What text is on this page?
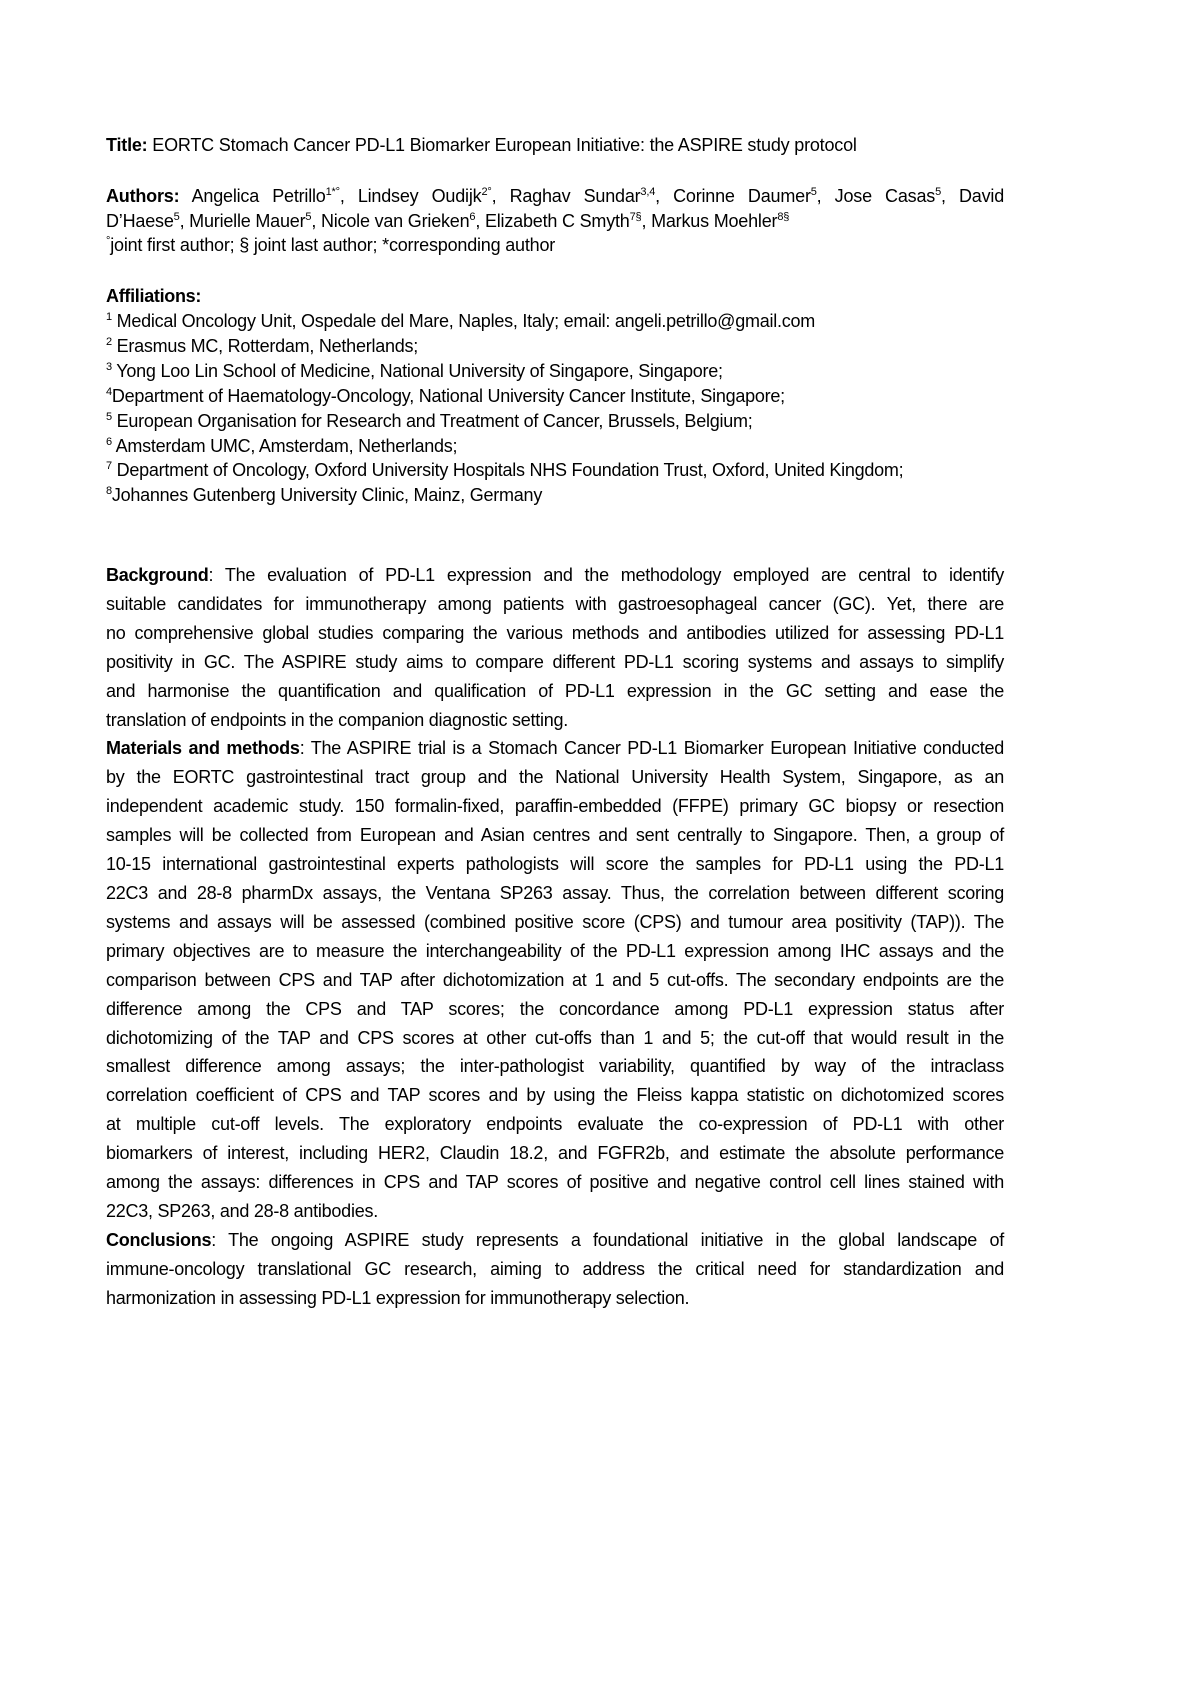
Title: EORTC Stomach Cancer PD-L1 Biomarker European Initiative: the ASPIRE study protocol
Authors: Angelica Petrillo$^{1*^\circ}$, Lindsey Oudijk$^{2^\circ}$, Raghav Sundar$^{3,4}$, Corinne Daumer$^5$, Jose Casas$^5$, David
D’Haese$^5$, Murielle Mauer$^5$, Nicole van Grieken$^6$, Elizabeth C Smyth$^{7\S}$, Markus Moehler$^{8\S}$
°joint first author; § joint last author; *corresponding author
Affiliations:
$^1$ Medical Oncology Unit, Ospedale del Mare, Naples, Italy; email: angeli.petrillo@gmail.com
$^2$ Erasmus MC, Rotterdam, Netherlands;
$^3$ Yong Loo Lin School of Medicine, National University of Singapore, Singapore;
$^4$Department of Haematology-Oncology, National University Cancer Institute, Singapore;
$^5$ European Organisation for Research and Treatment of Cancer, Brussels, Belgium;
$^6$ Amsterdam UMC, Amsterdam, Netherlands;
$^7$ Department of Oncology, Oxford University Hospitals NHS Foundation Trust, Oxford, United Kingdom;
$^8$Johannes Gutenberg University Clinic, Mainz, Germany

Background: The evaluation of PD-L1 expression and the methodology employed are central to identify
suitable candidates for immunotherapy among patients with gastroesophageal cancer (GC). Yet, there are
no comprehensive global studies comparing the various methods and antibodies utilized for assessing PD-L1
positivity in GC. The ASPIRE study aims to compare different PD-L1 scoring systems and assays to simplify
and harmonise the quantification and qualification of PD-L1 expression in the GC setting and ease the
translation of endpoints in the companion diagnostic setting.

Materials and methods: The ASPIRE trial is a Stomach Cancer PD-L1 Biomarker European Initiative conducted
by the EORTC gastrointestinal tract group and the National University Health System, Singapore, as an
independent academic study. 150 formalin-fixed, paraffin-embedded (FFPE) primary GC biopsy or resection
samples will be collected from European and Asian centres and sent centrally to Singapore. Then, a group of
10-15 international gastrointestinal experts pathologists will score the samples for PD-L1 using the PD-L1
22C3 and 28-8 pharmDx assays, the Ventana SP263 assay. Thus, the correlation between different scoring
systems and assays will be assessed (combined positive score (CPS) and tumour area positivity (TAP)). The
primary objectives are to measure the interchangeability of the PD-L1 expression among IHC assays and the
comparison between CPS and TAP after dichotomization at 1 and 5 cut-offs. The secondary endpoints are the
difference among the CPS and TAP scores; the concordance among PD-L1 expression status after
dichotomizing of the TAP and CPS scores at other cut-offs than 1 and 5; the cut-off that would result in the
smallest difference among assays; the inter-pathologist variability, quantified by way of the intraclass
correlation coefficient of CPS and TAP scores and by using the Fleiss kappa statistic on dichotomized scores
at multiple cut-off levels. The exploratory endpoints evaluate the co-expression of PD-L1 with other
biomarkers of interest, including HER2, Claudin 18.2, and FGFR2b, and estimate the absolute performance
among the assays: differences in CPS and TAP scores of positive and negative control cell lines stained with
22C3, SP263, and 28-8 antibodies.

Conclusions: The ongoing ASPIRE study represents a foundational initiative in the global landscape of
immune-oncology translational GC research, aiming to address the critical need for standardization and
harmonization in assessing PD-L1 expression for immunotherapy selection.
